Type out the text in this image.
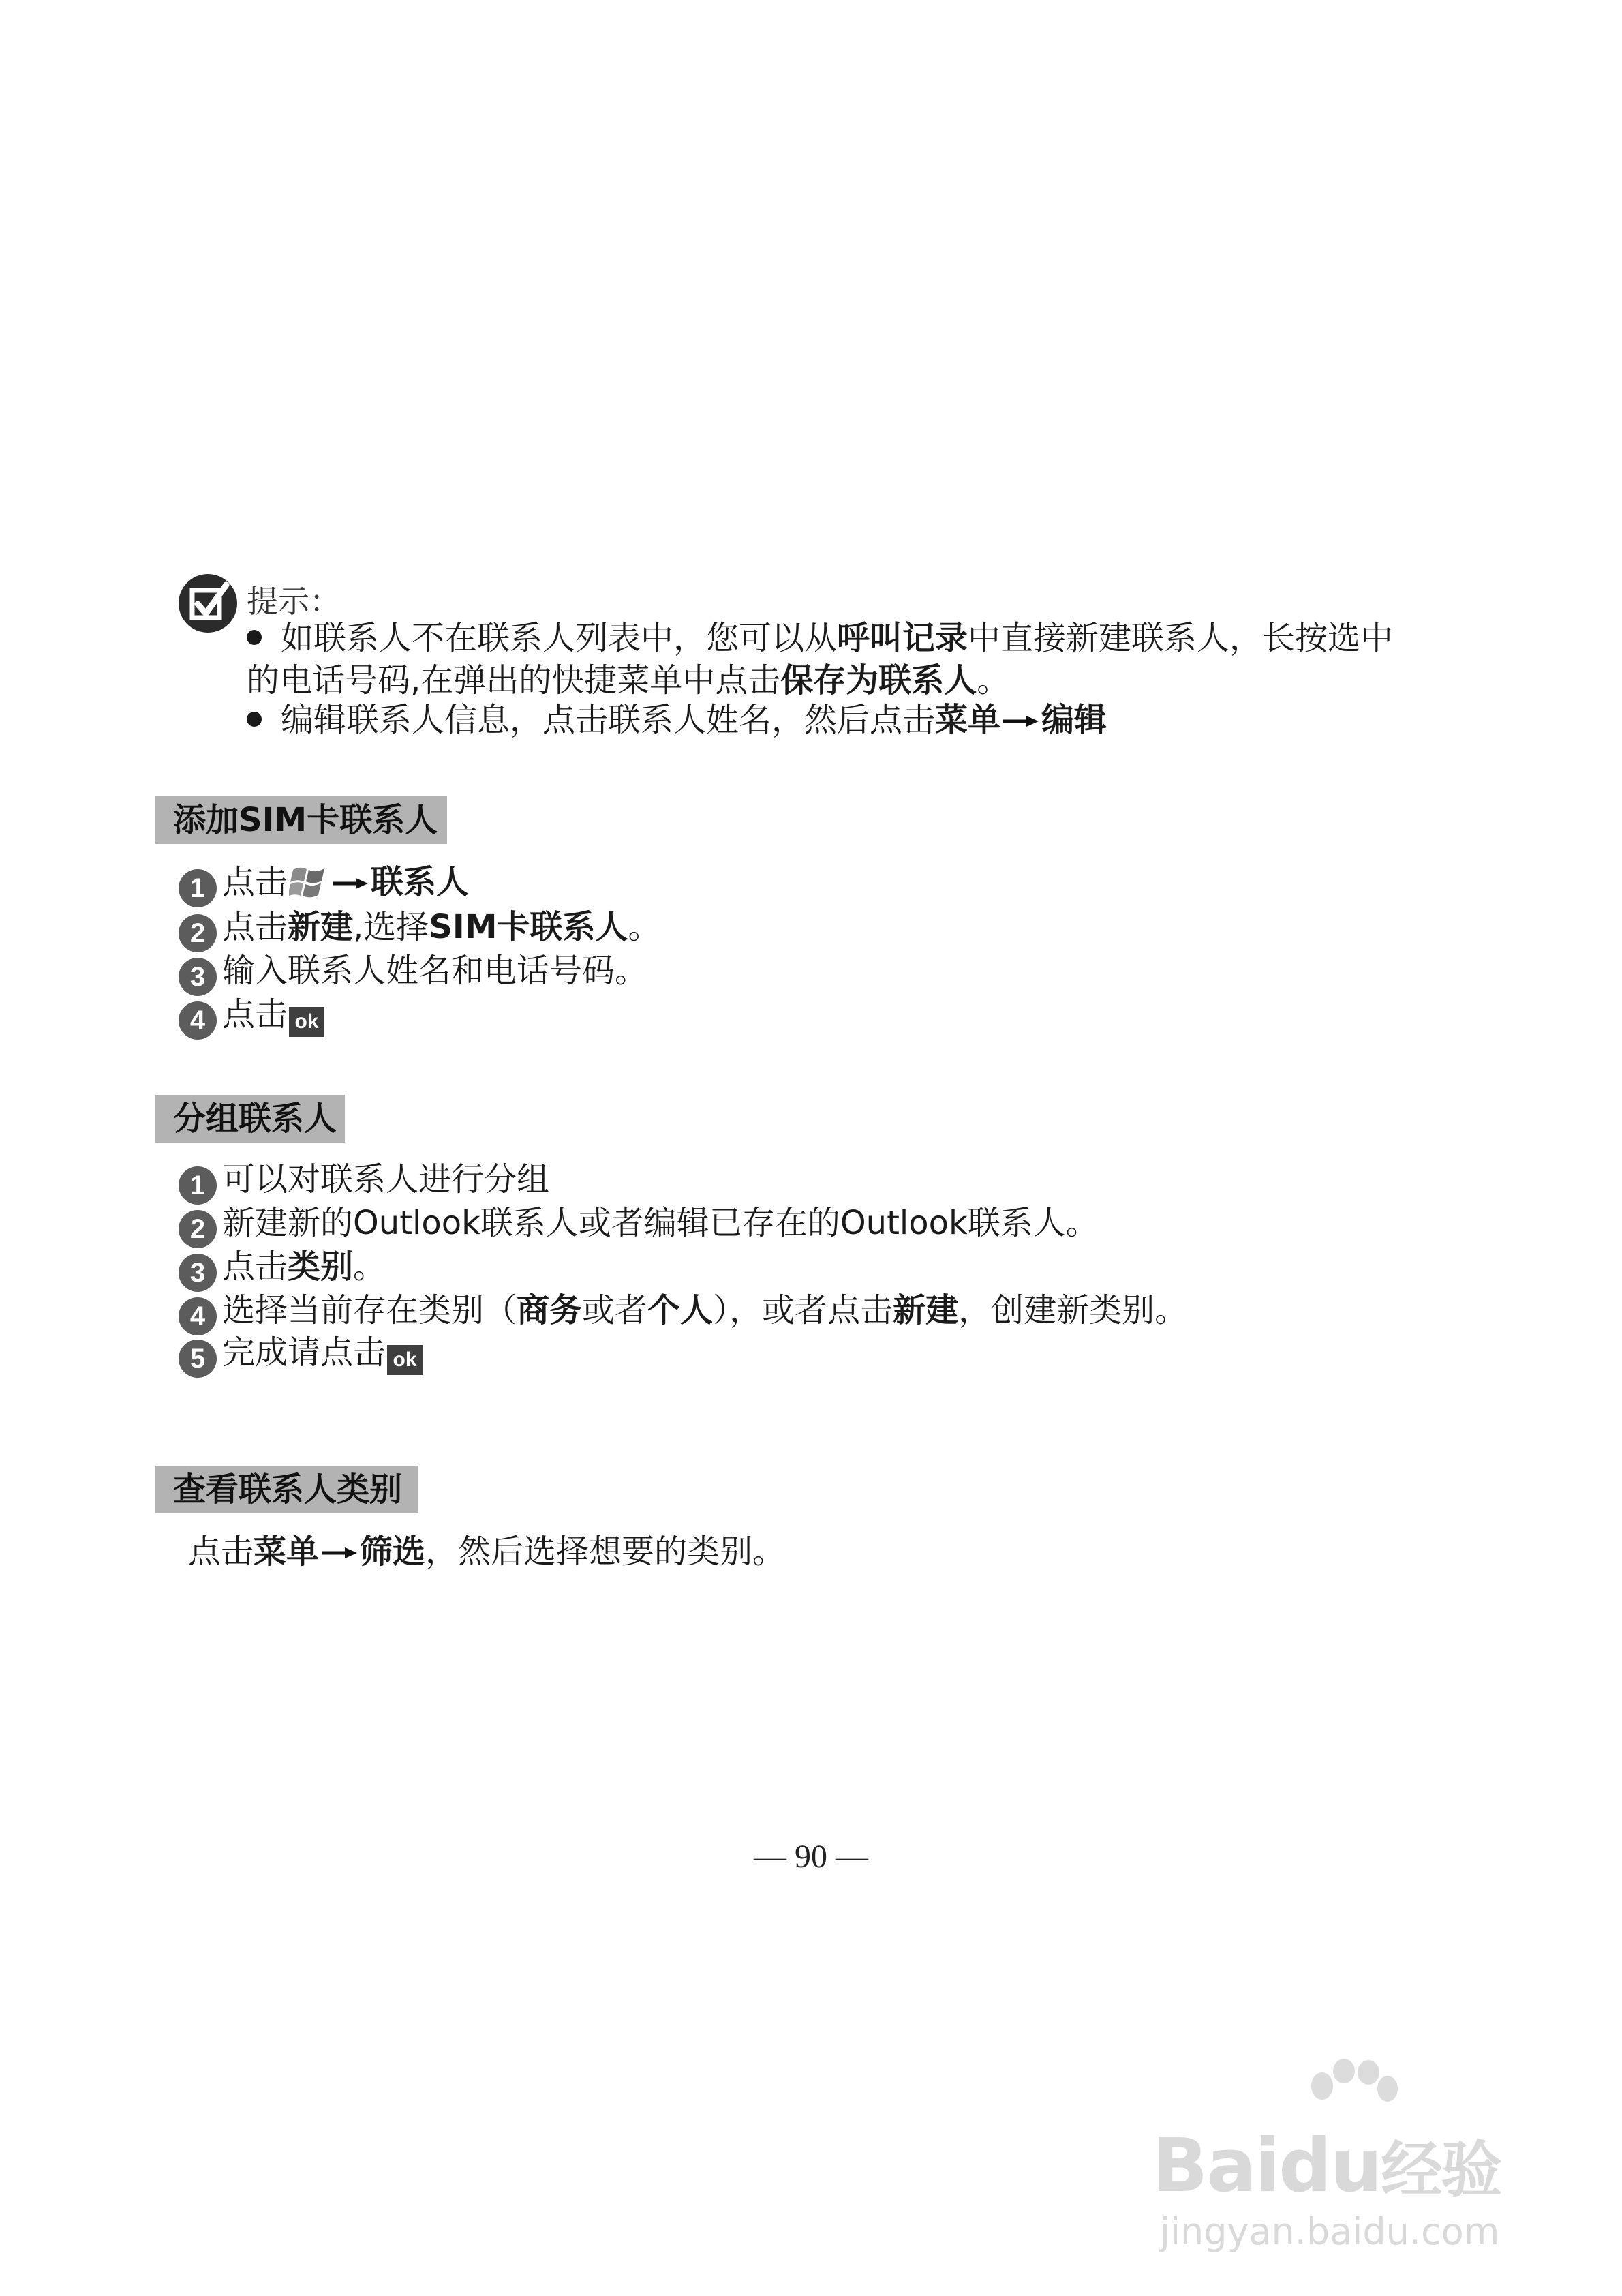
提示：
如联系人不在联系人列表中，您可以从呼叫记录中直接新建联系人，长按选中
的电话号码,在弹出的快捷菜单中点击保存为联系人。
编辑联系人信息，点击联系人姓名，然后点击菜单 编辑
添加SIM卡联系人
1 点击	联系人
2 点击新建,选择SIM卡联系人。
3 输入联系人姓名和电话号码。
4 点击 ok
分组联系人
1 可以对联系人进行分组
2 新建新的Outlook联系人或者编辑已存在的Outlook联系人。
3 点击类别。
4 选择当前存在类别（商务或者个人），或者点击新建，创建新类别。
5 完成请点击 ok
查看联系人类别
点击菜单 筛选，然后选择想要的类别。
— 90 —
Baidu经验
jingyan.baidu.com
